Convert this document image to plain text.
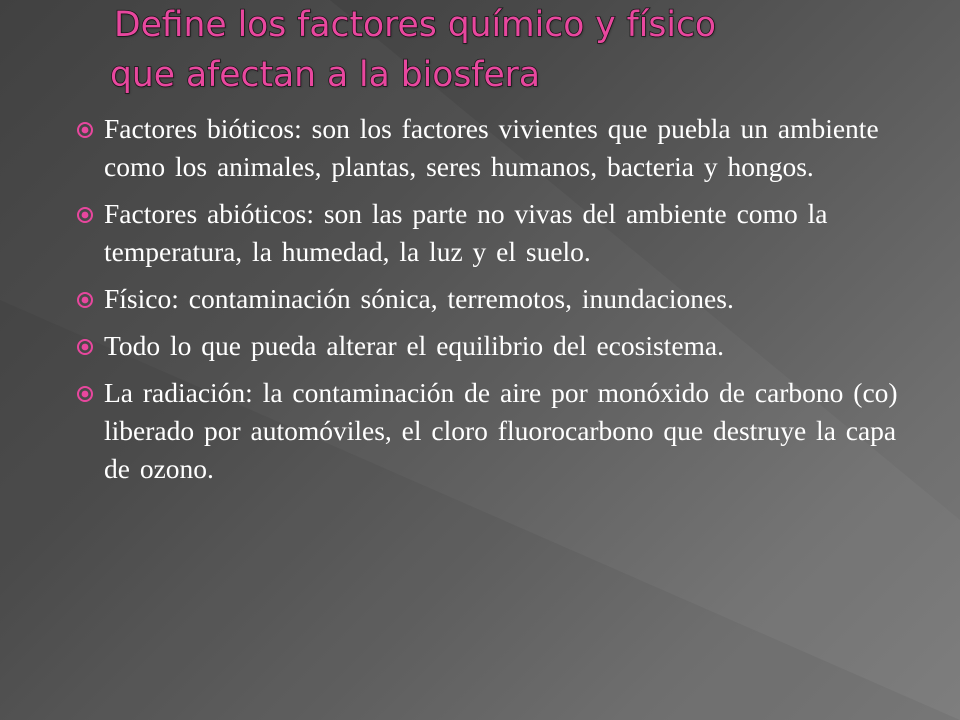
Define los factores químico y físico
que afectan a la biosfera
Factores bióticos: son los factores vivientes que puebla un ambiente como los animales, plantas, seres humanos, bacteria y hongos.
Factores abióticos: son las parte no vivas del ambiente como la temperatura, la humedad, la luz y el suelo.
Físico: contaminación sónica, terremotos, inundaciones.
Todo lo que pueda alterar el equilibrio del ecosistema.
La radiación: la contaminación de aire por monóxido de carbono (co) liberado por automóviles, el cloro fluorocarbono que destruye la capa de ozono.
